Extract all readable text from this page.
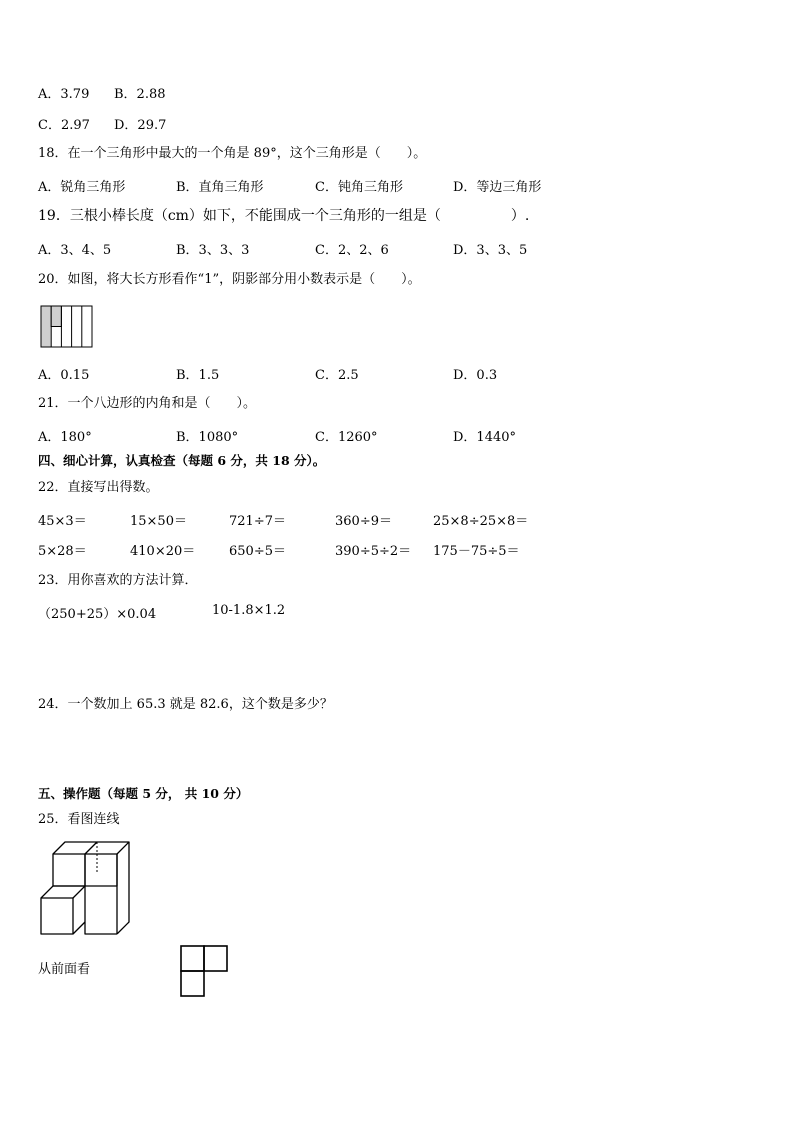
A．3.79 B．2.88
C．2.97 D．29.7
18．在一个三角形中最大的一个角是 89°，这个三角形是（　　）。
A．锐角三角形	B．直角三角形	C．钝角三角形	D．等边三角形
19．三根小棒长度（cm）如下，不能围成一个三角形的一组是（　　　　　）.
A．3、4、5	B．3、3、3	C．2、2、6	D．3、3、5
20．如图，将大长方形看作“1”，阴影部分用小数表示是（　　）。
A．0.15	B．1.5	C．2.5	D．0.3
21．一个八边形的内角和是（　　）。
A．180°	B．1080°	C．1260°	D．1440°
四、细心计算，认真检查（每题 6 分，共 18 分）。
22．直接写出得数。
45×3＝	15×50＝	721÷7＝	360÷9＝	25×8÷25×8＝
5×28＝	410×20＝	650÷5＝	390÷5÷2＝ 175－75÷5＝
23．用你喜欢的方法计算．
（250+25）×0.04	10-1.8×1.2
24．一个数加上 65.3 就是 82.6，这个数是多少？
五、操作题（每题 5 分， 共 10 分）
25．看图连线
从前面看
